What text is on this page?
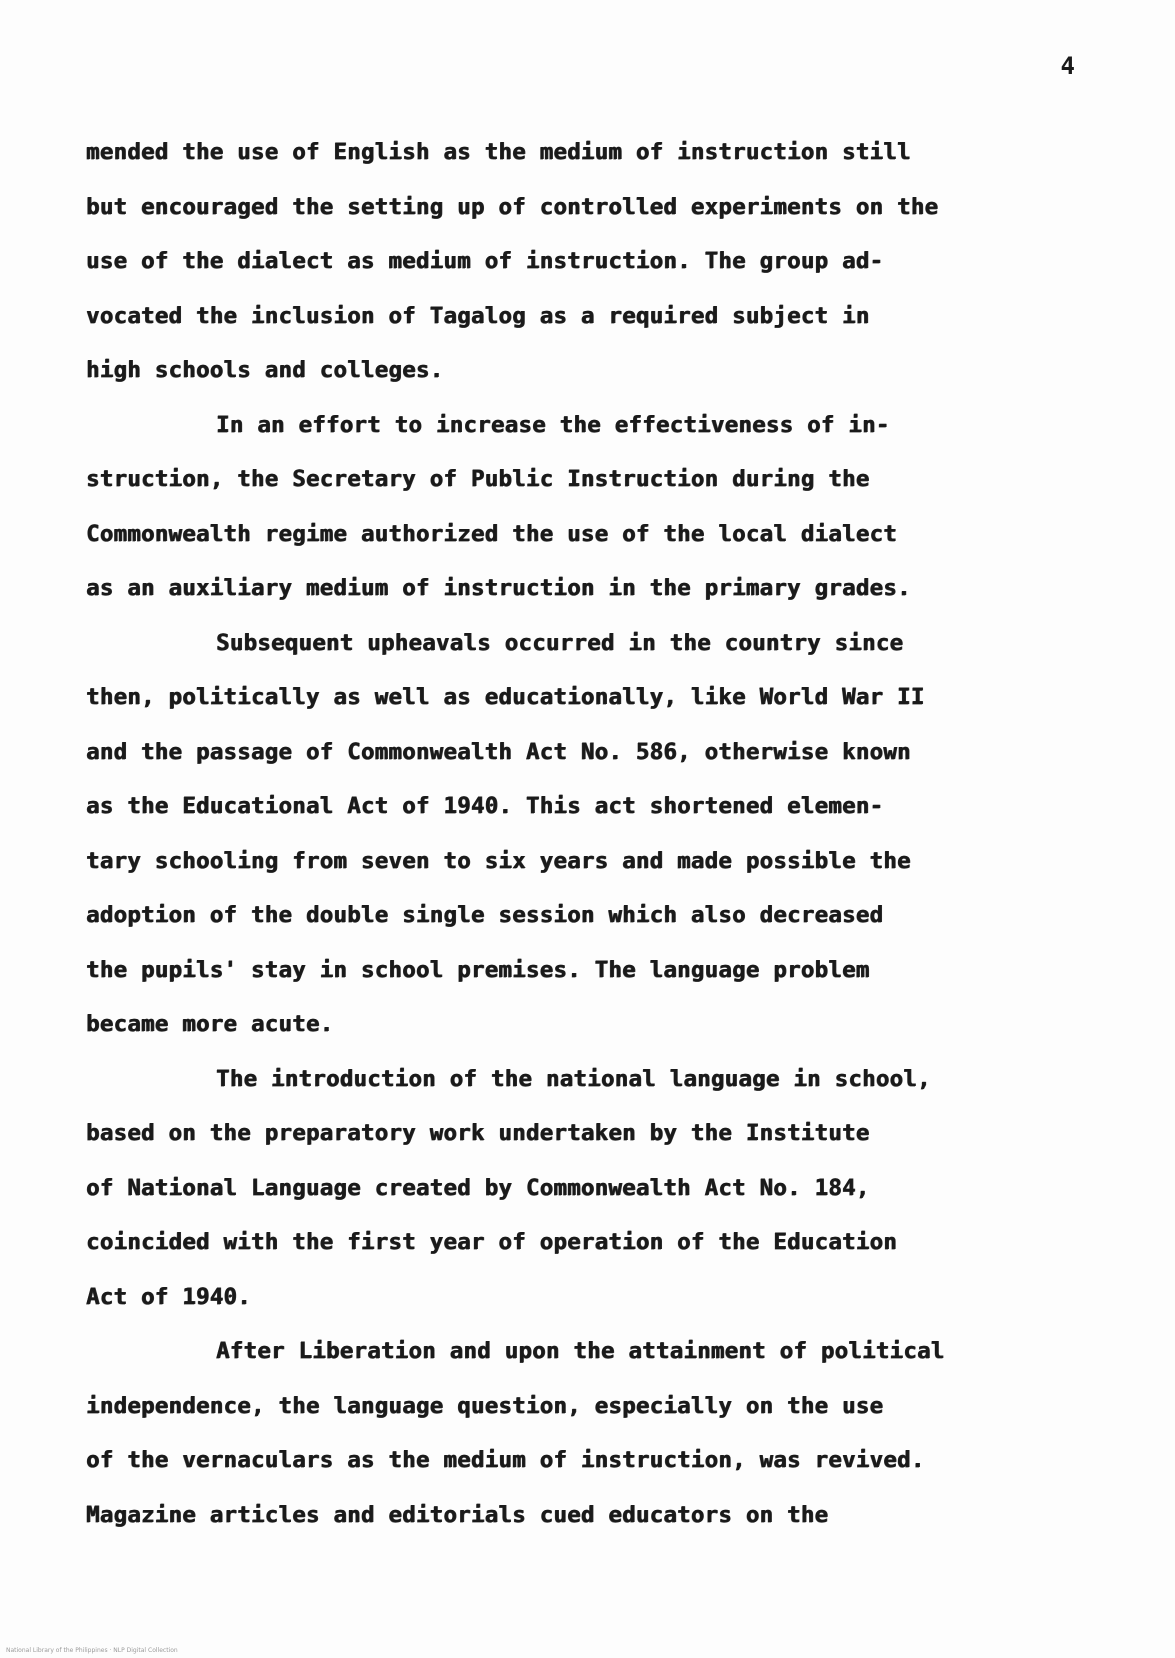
4
mended the use of English as the medium of instruction still
but encouraged the setting up of controlled experiments on the
use of the dialect as medium of instruction. The group ad-
vocated the inclusion of Tagalog as a required subject in
high schools and colleges.
In an effort to increase the effectiveness of in-
struction, the Secretary of Public Instruction during the
Commonwealth regime authorized the use of the local dialect
as an auxiliary medium of instruction in the primary grades.
Subsequent upheavals occurred in the country since
then, politically as well as educationally, like World War II
and the passage of Commonwealth Act No. 586, otherwise known
as the Educational Act of 1940. This act shortened elemen-
tary schooling from seven to six years and made possible the
adoption of the double single session which also decreased
the pupils' stay in school premises. The language problem
became more acute.
The introduction of the national language in school,
based on the preparatory work undertaken by the Institute
of National Language created by Commonwealth Act No. 184,
coincided with the first year of operation of the Education
Act of 1940.
After Liberation and upon the attainment of political
independence, the language question, especially on the use
of the vernaculars as the medium of instruction, was revived.
Magazine articles and editorials cued educators on the
National Library of the Philippines · NLP Digital Collection
